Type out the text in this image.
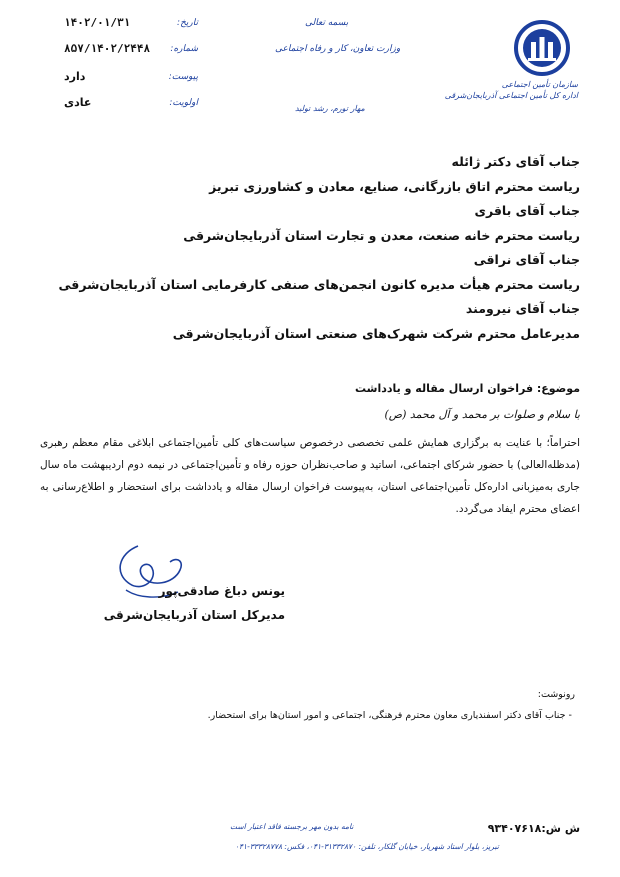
سازمان تأمین اجتماعی
اداره کل تأمین اجتماعی آذربایجان‌شرقی
بسمه تعالی
وزارت تعاون، کار و رفاه اجتماعی
مهار تورم، رشد تولید
تاریخ:
۱۴۰۲/۰۱/۳۱
شماره:
۸۵۷/۱۴۰۲/۲۴۴۸
پیوست:
دارد
اولویت:
عادی
جناب آقای دکتر ژائله
ریاست محترم اتاق بازرگانی، صنایع، معادن و کشاورزی تبریز
جناب آقای باقری
ریاست محترم خانه صنعت، معدن و تجارت استان آذربایجان‌شرقی
جناب آقای نراقی
ریاست محترم هیأت مدیره کانون انجمن‌های صنفی کارفرمایی استان آذربایجان‌شرقی
جناب آقای نیرومند
مدیرعامل محترم شرکت شهرک‌های صنعتی استان آذربایجان‌شرقی
موضوع: فراخوان ارسال مقاله و یادداشت
با سلام و صلوات بر محمد و آل محمد (ص)
احتراماً؛ با عنایت به برگزاری همایش علمی تخصصی درخصوص سیاست‌های کلی تأمین‌اجتماعی ابلاغی مقام معظم رهبری (مدظله‌العالی) با حضور شرکای اجتماعی، اساتید و صاحب‌نظران حوزه رفاه و تأمین‌اجتماعی در نیمه دوم اردیبهشت ماه سال جاری به‌میزبانی اداره‌کل تأمین‌اجتماعی استان، به‌پیوست فراخوان ارسال مقاله و یادداشت برای استحضار و اطلاع‌رسانی به اعضای محترم ایفاد می‌گردد.
یونس دباغ صادقی‌پور
مدیرکل استان آذربایجان‌شرقی
رونوشت:
- جناب آقای دکتر اسفندیاری معاون محترم فرهنگی، اجتماعی و امور استان‌ها برای استحضار.
ش ش:۹۳۴۰۷۶۱۸
نامه بدون مهر برجسته فاقد اعتبار است
تبریز، بلوار استاد شهریار، خیابان گلکار، تلفن: ۳۱۳۳۲۸۷۰-۰۴۱، فکس: ۳۳۳۲۸۷۷۸-۰۴۱
